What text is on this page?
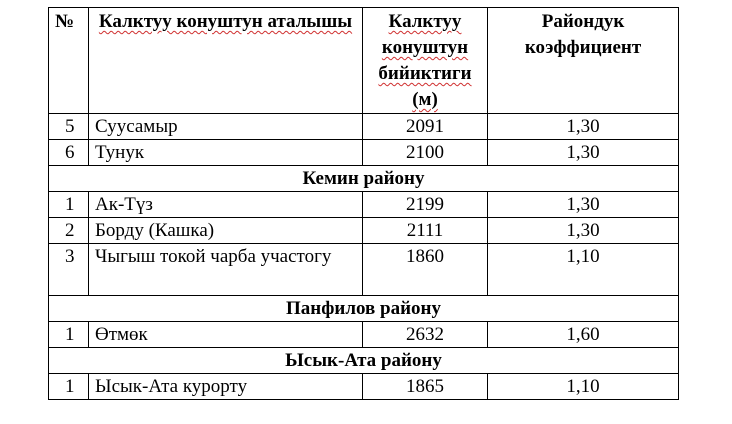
№	Калктуу конуштун аталышы	Калктуу конуштун бийиктиги (м)	Райондук коэффициент
5	Суусамыр	2091	1,30
6	Тунук	2100	1,30
Кемин району			
1	Ак-Түз	2199	1,30
2	Борду (Кашка)	2111	1,30
3	Чыгыш токой чарба участогу	1860	1,10
Панфилов району			
1	Өтмөк	2632	1,60
Ысык-Ата району			
1	Ысык-Ата курорту	1865	1,10
